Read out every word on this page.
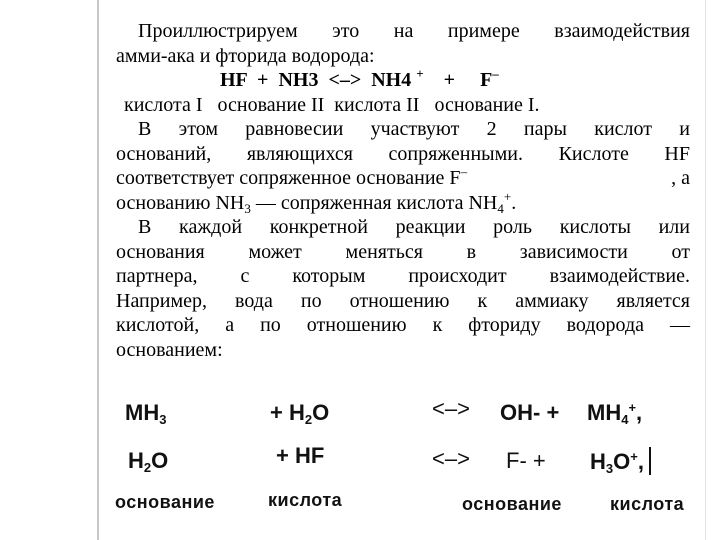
Проиллюстрируем это на примере взаимодействия

амми-ака и фторида водорода:

HF + NH3 <–> NH4 + + F–

кислота I   основание II  кислота II   основание I.

В этом равновесии участвуют 2 пары кислот и

оснований, являющихся сопряженными. Кислоте HF

соответствует сопряженное основание F–	, а

основанию $NH_3$ — сопряженная кислота $NH_4^+$.

В каждой конкретной реакции роль кислоты или

основания может меняться в зависимости от

партнера, с которым происходит взаимодействие.

Например, вода по отношению к аммиаку является

кислотой, а по отношению к фториду водорода —

основанием:

$MH_3$	+ $H_2O$	<–> $OH- + MH_4^+$,
$H_2O$	+ HF	<–> $F- + H_3O^+$,
основание	кислота	основание	кислота
